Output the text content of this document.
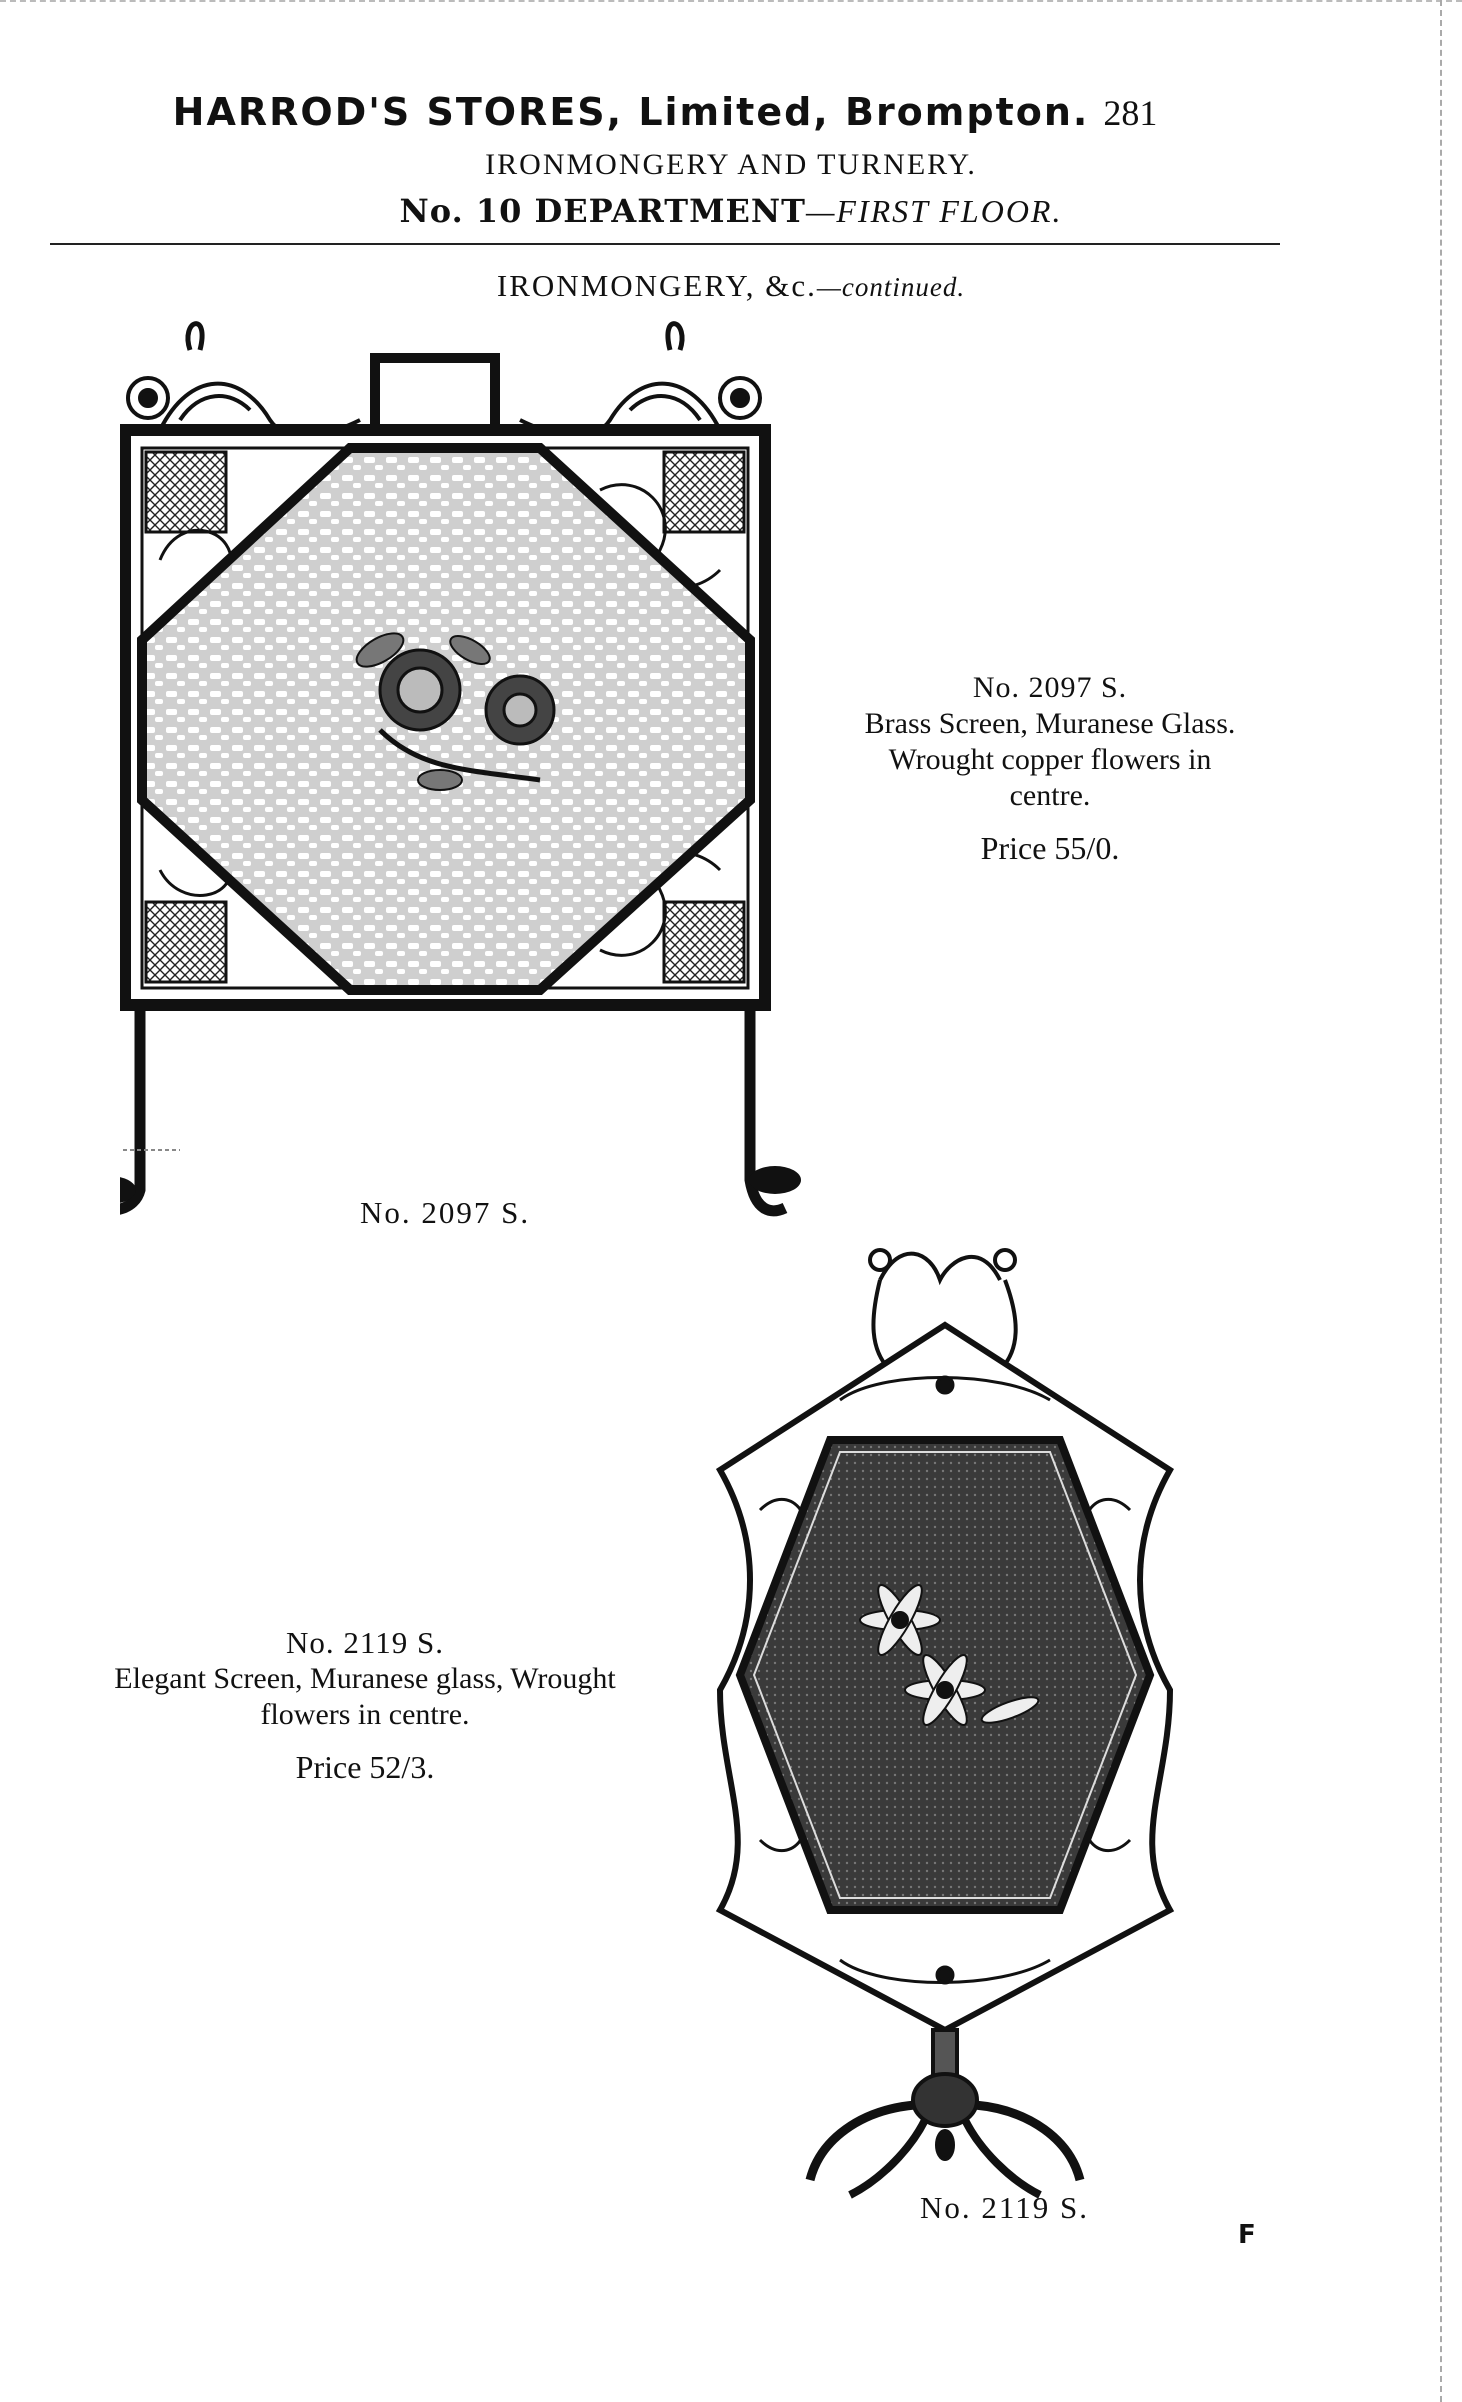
HARROD'S STORES, Limited, Brompton. 281
IRONMONGERY AND TURNERY.
No. 10 DEPARTMENT—FIRST FLOOR.
IRONMONGERY, &c.—continued.
No. 2097 S.
Brass Screen, Muranese Glass.
Wrought copper flowers in
centre.
Price 55/0.
No. 2097 S.
No. 2119 S.
Elegant Screen, Muranese glass, Wrought
flowers in centre.
Price 52/3.
No. 2119 S.
F
